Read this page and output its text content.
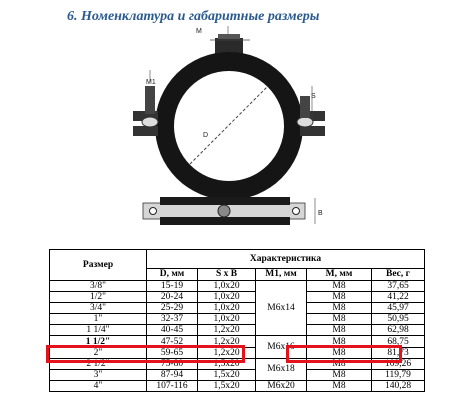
6. Номенклатура и габаритные размеры
M
M1
S
D
B
Размер	Характеристика				
	D, мм	S x B	M1, мм	M, мм	Вес, г
3/8"	15-19	1,0x20	M6x14	M8	37,65
1/2"	20-24	1,0x20		M8	41,22
3/4"	25-29	1,0x20		M8	45,97
1"	32-37	1,0x20		M8	50,95
1 1/4"	40-45	1,2x20		M8	62,98
1 1/2"	47-52	1,2x20	M6x16	M8	68,75
2"	59-65	1,2x20		M8	81,73
2 1/2"	75-80	1,5x20	M6x18	M8	109,26
3"	87-94	1,5x20		M8	119,79
4"	107-116	1,5x20	M6x20	M8	140,28
